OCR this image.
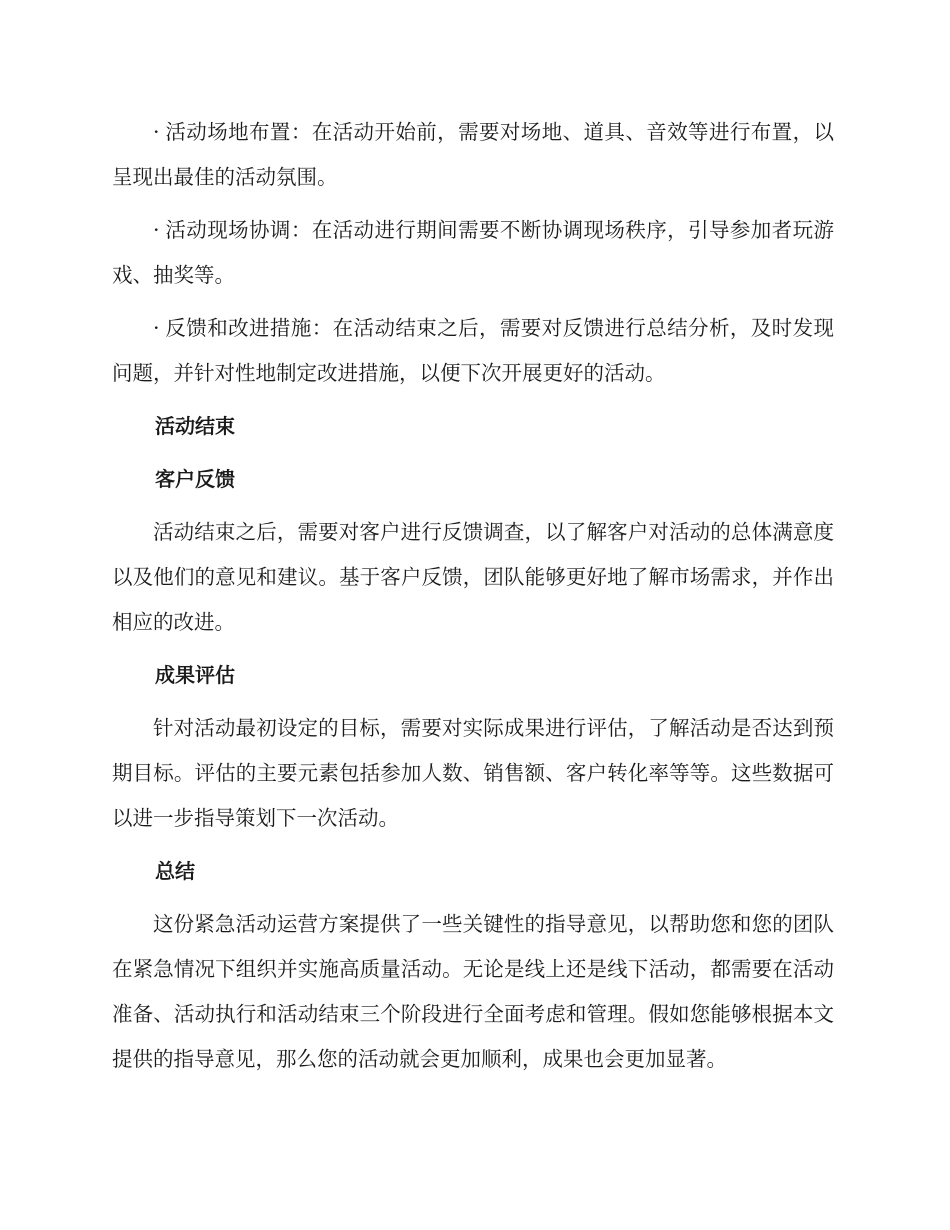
· 活动场地布置：在活动开始前，需要对场地、道具、音效等进行布置，以呈现出最佳的活动氛围。

· 活动现场协调：在活动进行期间需要不断协调现场秩序，引导参加者玩游戏、抽奖等。

· 反馈和改进措施：在活动结束之后，需要对反馈进行总结分析，及时发现问题，并针对性地制定改进措施，以便下次开展更好的活动。

活动结束
客户反馈

活动结束之后，需要对客户进行反馈调查，以了解客户对活动的总体满意度以及他们的意见和建议。基于客户反馈，团队能够更好地了解市场需求，并作出相应的改进。

成果评估

针对活动最初设定的目标，需要对实际成果进行评估，了解活动是否达到预期目标。评估的主要元素包括参加人数、销售额、客户转化率等等。这些数据可以进一步指导策划下一次活动。

总结

这份紧急活动运营方案提供了一些关键性的指导意见，以帮助您和您的团队在紧急情况下组织并实施高质量活动。无论是线上还是线下活动，都需要在活动准备、活动执行和活动结束三个阶段进行全面考虑和管理。假如您能够根据本文提供的指导意见，那么您的活动就会更加顺利，成果也会更加显著。
